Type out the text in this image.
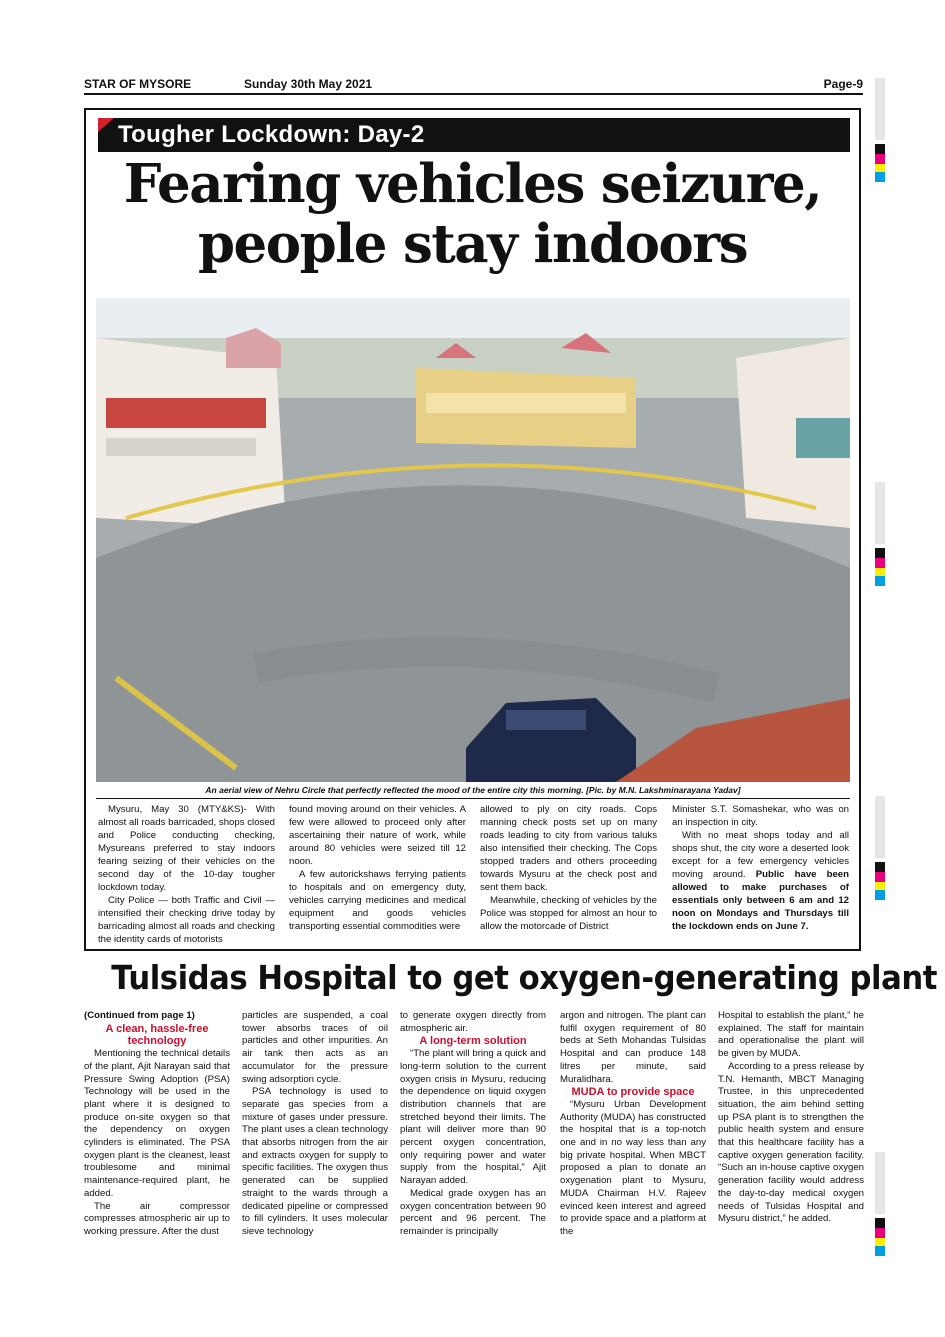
STAR OF MYSORE	Sunday 30th May 2021	Page-9
Tougher Lockdown: Day-2
Fearing vehicles seizure,
people stay indoors
An aerial view of Nehru Circle that perfectly reflected the mood of the entire city this morning. [Pic. by M.N. Lakshminarayana Yadav]

Mysuru, May 30 (MTY&KS)- With almost all roads barricaded, shops closed and Police conducting checking, Mysureans preferred to stay indoors fearing seizing of their vehicles on the second day of the 10-day tougher lockdown today.

City Police — both Traffic and Civil — intensified their checking drive today by barricading almost all roads and checking the identity cards of motorists

found moving around on their vehicles. A few were allowed to proceed only after ascertaining their nature of work, while around 80 vehicles were seized till 12 noon.

A few autorickshaws ferrying patients to hospitals and on emergency duty, vehicles carrying medicines and medical equipment and goods vehicles transporting essential commodities were

allowed to ply on city roads. Cops manning check posts set up on many roads leading to city from various taluks also intensified their checking. The Cops stopped traders and others proceeding towards Mysuru at the check post and sent them back.

Meanwhile, checking of vehicles by the Police was stopped for almost an hour to allow the motorcade of District

Minister S.T. Somashekar, who was on an inspection in city.

With no meat shops today and all shops shut, the city wore a deserted look except for a few emergency vehicles moving around. Public have been allowed to make purchases of essentials only between 6 am and 12 noon on Mondays and Thursdays till the lockdown ends on June 7.

Tulsidas Hospital to get oxygen-generating plant

(Continued from page 1)

A clean, hassle-free technology

Mentioning the technical details of the plant, Ajit Narayan said that Pressure Swing Adoption (PSA) Technology will be used in the plant where it is designed to produce on-site oxygen so that the dependency on oxygen cylinders is eliminated. The PSA oxygen plant is the cleanest, least troublesome and minimal maintenance-required plant, he added.

The air compressor compresses atmospheric air up to working pressure. After the dust

particles are suspended, a coal tower absorbs traces of oil particles and other impurities. An air tank then acts as an accumulator for the pressure swing adsorption cycle.

PSA technology is used to separate gas species from a mixture of gases under pressure. The plant uses a clean technology that absorbs nitrogen from the air and extracts oxygen for supply to specific facilities. The oxygen thus generated can be supplied straight to the wards through a dedicated pipeline or compressed to fill cylinders. It uses molecular sieve technology

to generate oxygen directly from atmospheric air.

A long-term solution

“The plant will bring a quick and long-term solution to the current oxygen crisis in Mysuru, reducing the dependence on liquid oxygen distribution channels that are stretched beyond their limits. The plant will deliver more than 90 percent oxygen concentration, only requiring power and water supply from the hospital,” Ajit Narayan added.

Medical grade oxygen has an oxygen concentration between 90 percent and 96 percent. The remainder is principally

argon and nitrogen. The plant can fulfil oxygen requirement of 80 beds at Seth Mohandas Tulsidas Hospital and can produce 148 litres per minute, said Muralidhara.

MUDA to provide space

“Mysuru Urban Development Authority (MUDA) has constructed the hospital that is a top-notch one and in no way less than any big private hospital. When MBCT proposed a plan to donate an oxygenation plant to Mysuru, MUDA Chairman H.V. Rajeev evinced keen interest and agreed to provide space and a platform at the

Hospital to establish the plant,” he explained. The staff for maintain and operationalise the plant will be given by MUDA.

According to a press release by T.N. Hemanth, MBCT Managing Trustee, in this unprecedented situation, the aim behind setting up PSA plant is to strengthen the public health system and ensure that this healthcare facility has a captive oxygen generation facility. “Such an in-house captive oxygen generation facility would address the day-to-day medical oxygen needs of Tulsidas Hospital and Mysuru district,” he added.
